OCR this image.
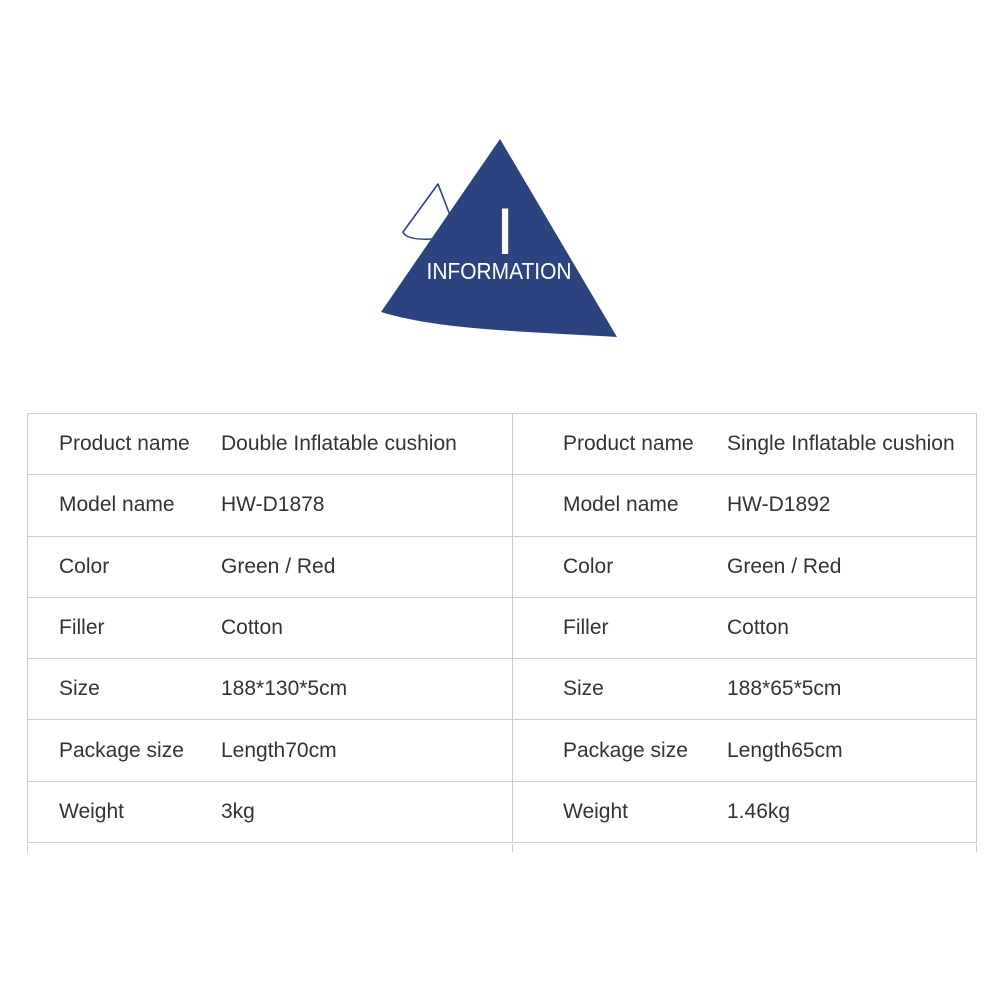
I
INFORMATION
Product name	Double Inflatable cushion
Model name	HW-D1878
Color	Green / Red
Filler	Cotton
Size	188*130*5cm
Package size	Length70cm
Weight	3kg
Product name	Single Inflatable cushion
Model name	HW-D1892
Color	Green / Red
Filler	Cotton
Size	188*65*5cm
Package size	Length65cm
Weight	1.46kg
